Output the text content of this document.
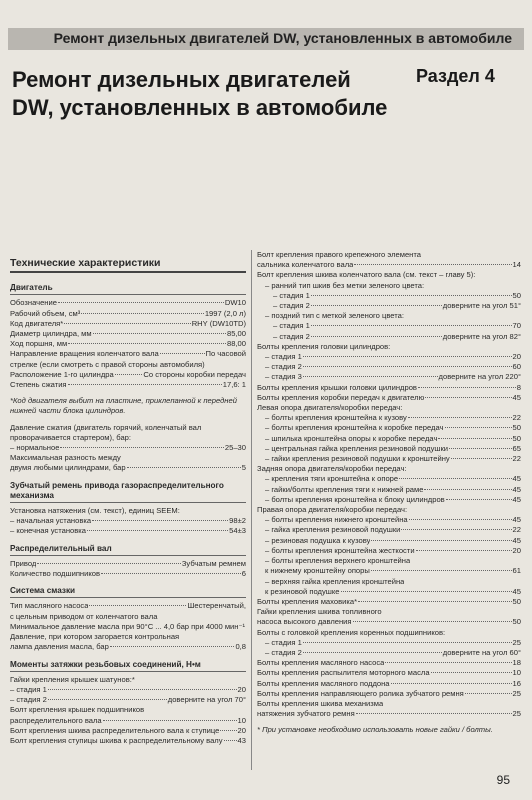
Ремонт дизельных двигателей DW, установленных в автомобиле
Ремонт дизельных двигателей
DW, установленных в автомобиле
Раздел 4
Технические характеристики
Двигатель
Обозначение	DW10
Рабочий объем, см³	1997 (2,0 л)
Код двигателя*	RHY (DW10TD)
Диаметр цилиндра, мм	85,00
Ход поршня, мм	88,00
Направление вращения коленчатого вала	По часовой
стрелке (если смотреть с правой стороны автомобиля)
Расположение 1-го цилиндра	Со стороны коробки передач
Степень сжатия	17,6: 1
*Код двигателя выбит на пластине, приклепанной к передней нижней части блока цилиндров.
Давление сжатия (двигатель горячий, коленчатый вал проворачивается стартером), бар:
– нормальное	25–30
Максимальная разность между
двумя любыми цилиндрами, бар	5
Зубчатый ремень привода газораспределительного механизма
Установка натяжения (см. текст), единиц SEEM:
– начальная установка	98±2
– конечная установка	54±3
Распределительный вал
Привод	Зубчатым ремнем
Количество подшипников	6
Система смазки
Тип масляного насоса	Шестеренчатый,
с цельным приводом от коленчатого вала
Минимальное давление масла при 90°С ... 4,0 бар при 4000 мин⁻¹
Давление, при котором загорается контрольная
лампа давления масла, бар	0,8
Моменты затяжки резьбовых соединений, Н•м
Гайки крепления крышек шатунов:*
– стадия 1	20
– стадия 2	доверните на угол 70°
Болт крепления крышек подшипников
распределительного вала	10
Болт крепления шкива распределительного вала к ступице 20
Болт крепления ступицы шкива к распределительному валу 43
Болт крепления правого крепежного элемента
сальника коленчатого вала	14
Болт крепления шкива коленчатого вала (см. текст – главу 5):
– ранний тип шкив без метки зеленого цвета:
– стадия 1	50
– стадия 2	доверните на угол 51°
– поздний тип с меткой зеленого цвета:
– стадия 1	70
– стадия 2	доверните на угол 82°
Болты крепления головки цилиндров:
– стадия 1	20
– стадия 2	60
– стадия 3	доверните на угол 220°
Болты крепления крышки головки цилиндров	8
Болты крепления коробки передач к двигателю	45
Левая опора двигателя/коробки передач:
– болты крепления кронштейна к кузову	22
– болты крепления кронштейна к коробке передач	50
– шпилька кронштейна опоры к коробке передач	50
– центральная гайка крепления резиновой подушки	65
– гайки крепления резиновой подушки к кронштейну	22
Задняя опора двигателя/коробки передач:
– крепления тяги кронштейна к опоре	45
– гайки/болты крепления тяги к нижней раме	45
– болты крепления кронштейна к блоку цилиндров	45
Правая опора двигателя/коробки передач:
– болты крепления нижнего кронштейна	45
– гайка крепления резиновой подушки	22
– резиновая подушка к кузову	45
– болты крепления кронштейна жесткости	20
– болты крепления верхнего кронштейна
к нижнему кронштейну опоры	61
– верхняя гайка крепления кронштейна
к резиновой подушке	45
Болты крепления маховика*	50
Гайки крепления шкива топливного
насоса высокого давления	50
Болты с головкой крепления коренных подшипников:
– стадия 1	25
– стадия 2	доверните на угол 60°
Болты крепления масляного насоса	18
Болты крепления распылителя моторного масла	10
Болты крепления масляного поддона	16
Болты крепления направляющего ролика зубчатого ремня	25
Болты крепления шкива механизма
натяжения зубчатого ремня	25
* При установке необходимо использовать новые гайки / болты.
95
